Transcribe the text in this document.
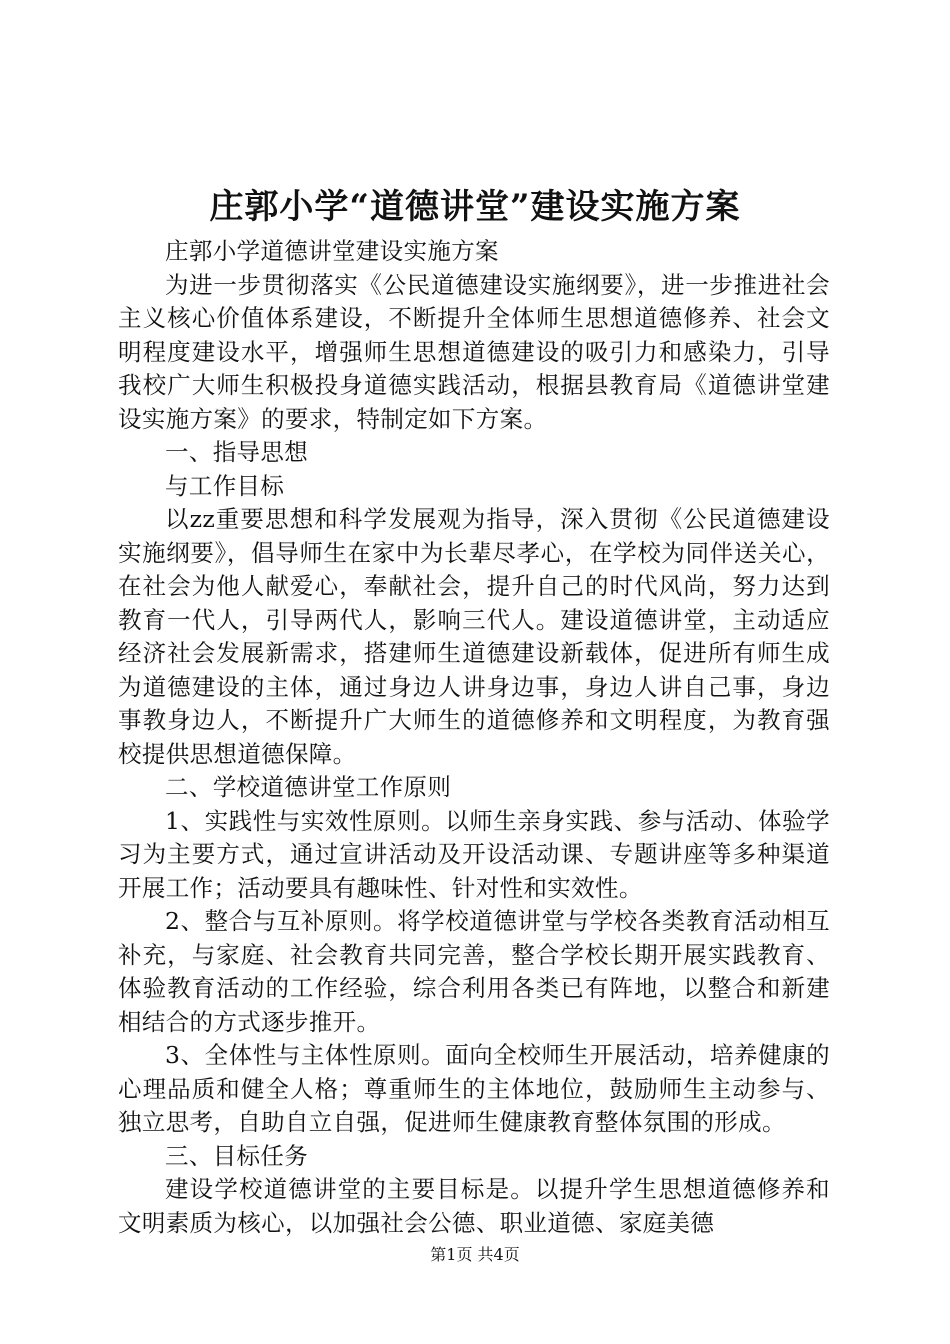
庄郭小学“道德讲堂”建设实施方案

庄郭小学道德讲堂建设实施方案

为进一步贯彻落实《公民道德建设实施纲要》，进一步推进社会主义核心价值体系建设，不断提升全体师生思想道德修养、社会文明程度建设水平，增强师生思想道德建设的吸引力和感染力，引导我校广大师生积极投身道德实践活动，根据县教育局《道德讲堂建设实施方案》的要求，特制定如下方案。

一、指导思想

与工作目标

以zz重要思想和科学发展观为指导，深入贯彻《公民道德建设实施纲要》，倡导师生在家中为长辈尽孝心，在学校为同伴送关心，在社会为他人献爱心，奉献社会，提升自己的时代风尚，努力达到教育一代人，引导两代人，影响三代人。建设道德讲堂，主动适应经济社会发展新需求，搭建师生道德建设新载体，促进所有师生成为道德建设的主体，通过身边人讲身边事，身边人讲自己事，身边事教身边人，不断提升广大师生的道德修养和文明程度，为教育强校提供思想道德保障。

二、学校道德讲堂工作原则

1、实践性与实效性原则。以师生亲身实践、参与活动、体验学习为主要方式，通过宣讲活动及开设活动课、专题讲座等多种渠道开展工作；活动要具有趣味性、针对性和实效性。

2、整合与互补原则。将学校道德讲堂与学校各类教育活动相互补充，与家庭、社会教育共同完善，整合学校长期开展实践教育、体验教育活动的工作经验，综合利用各类已有阵地，以整合和新建相结合的方式逐步推开。

3、全体性与主体性原则。面向全校师生开展活动，培养健康的心理品质和健全人格；尊重师生的主体地位，鼓励师生主动参与、独立思考，自助自立自强，促进师生健康教育整体氛围的形成。

三、目标任务

建设学校道德讲堂的主要目标是。以提升学生思想道德修养和文明素质为核心，以加强社会公德、职业道德、家庭美德

第1页 共4页
